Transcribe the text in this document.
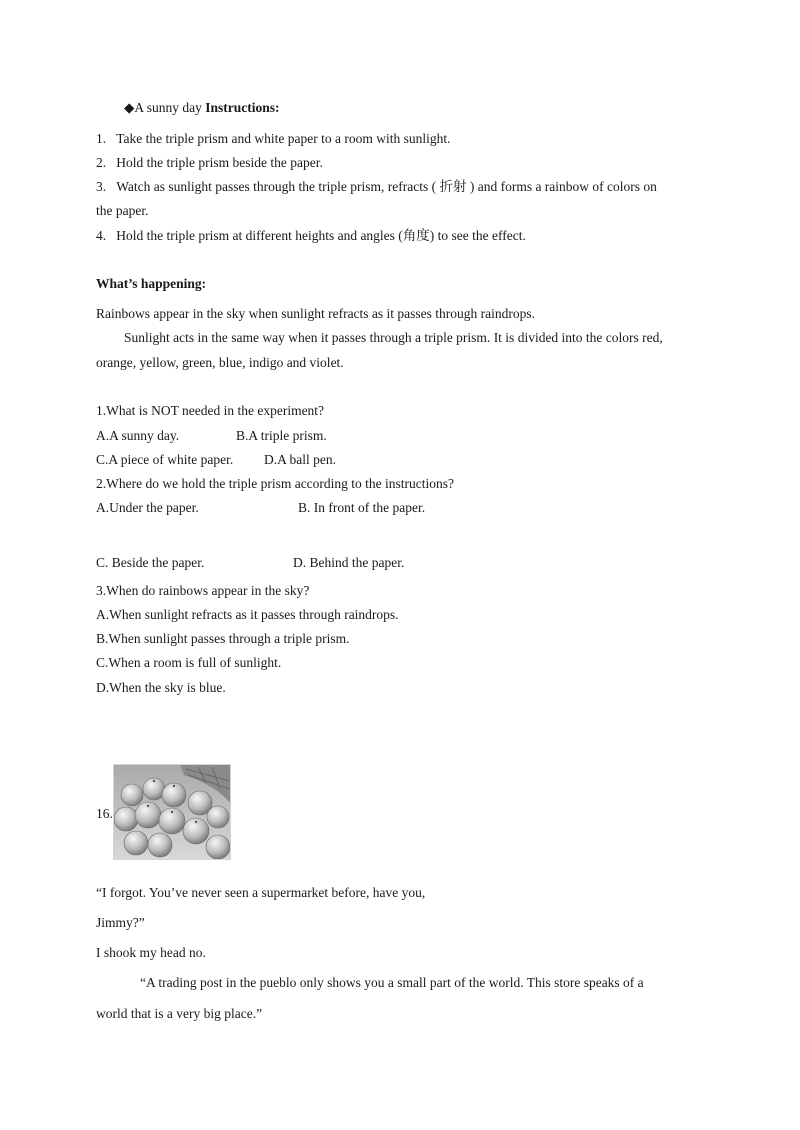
◆A sunny day Instructions:
1. Take the triple prism and white paper to a room with sunlight.
2. Hold the triple prism beside the paper.
3. Watch as sunlight passes through the triple prism, refracts ( 折射 ) and forms a rainbow of colors on
the paper.
4. Hold the triple prism at different heights and angles (角度) to see the effect.
What’s happening:
Rainbows appear in the sky when sunlight refracts as it passes through raindrops.
Sunlight acts in the same way when it passes through a triple prism. It is divided into the colors red,
orange, yellow, green, blue, indigo and violet.
1.What is NOT needed in the experiment?
A.A sunny day.	B.A triple prism.
C.A piece of white paper. D.A ball pen.
2.Where do we hold the triple prism according to the instructions?
A.Under the paper.	B. In front of the paper.
C. Beside the paper.	D. Behind the paper.
3.When do rainbows appear in the sky?
A.When sunlight refracts as it passes through raindrops.
B.When sunlight passes through a triple prism.
C.When a room is full of sunlight.
D.When the sky is blue.
16.
“I forgot. You’ve never seen a supermarket before, have you,
Jimmy?”
I shook my head no.
“A trading post in the pueblo only shows you a small part of the world. This store speaks of a
world that is a very big place.”
